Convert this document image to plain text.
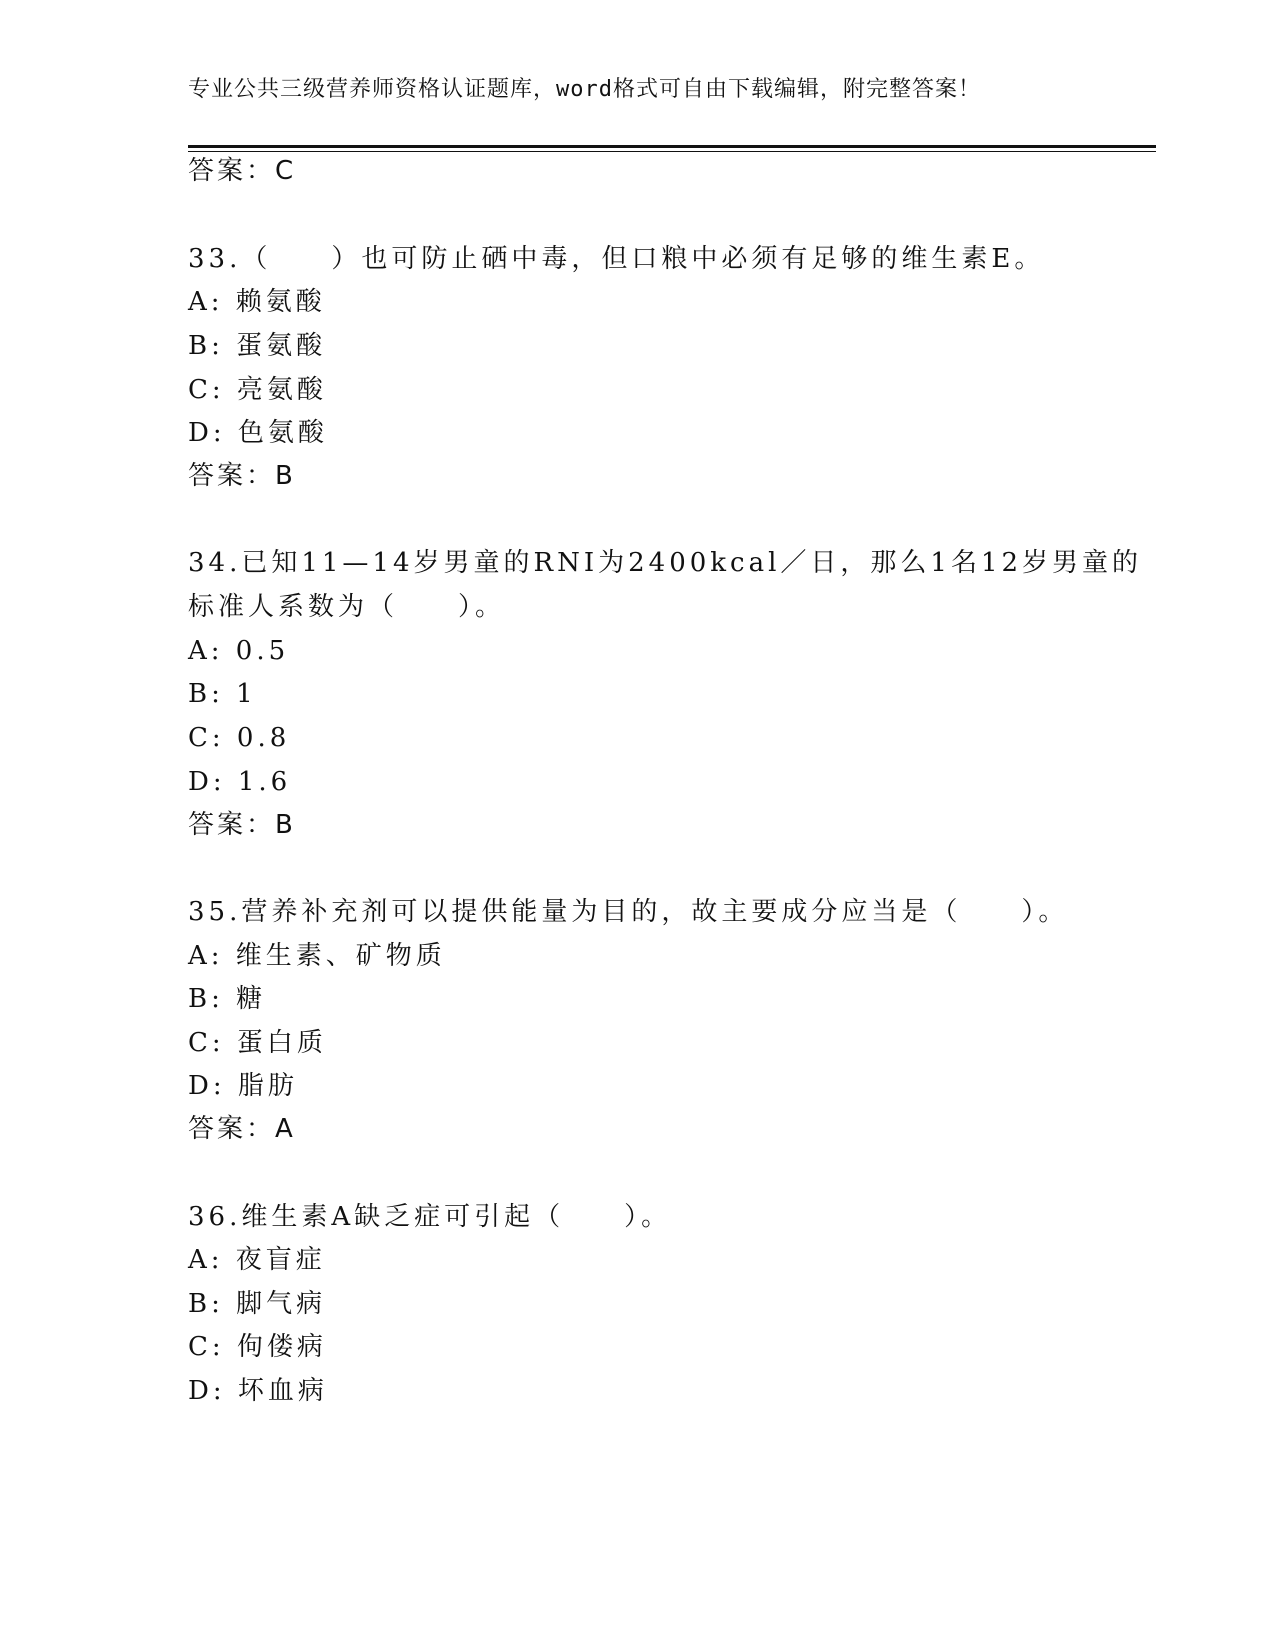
专业公共三级营养师资格认证题库，word格式可自由下载编辑，附完整答案！
答案：C
33.（　　）也可防止硒中毒，但口粮中必须有足够的维生素E。
A: 赖氨酸
B: 蛋氨酸
C: 亮氨酸
D: 色氨酸
答案：B
34.已知11—14岁男童的RNI为2400kcal／日，那么1名12岁男童的
标准人系数为（　　）。
A: 0.5
B: 1
C: 0.8
D: 1.6
答案：B
35.营养补充剂可以提供能量为目的，故主要成分应当是（　　）。
A: 维生素、矿物质
B: 糖
C: 蛋白质
D: 脂肪
答案：A
36.维生素A缺乏症可引起（　　）。
A: 夜盲症
B: 脚气病
C: 佝偻病
D: 坏血病
